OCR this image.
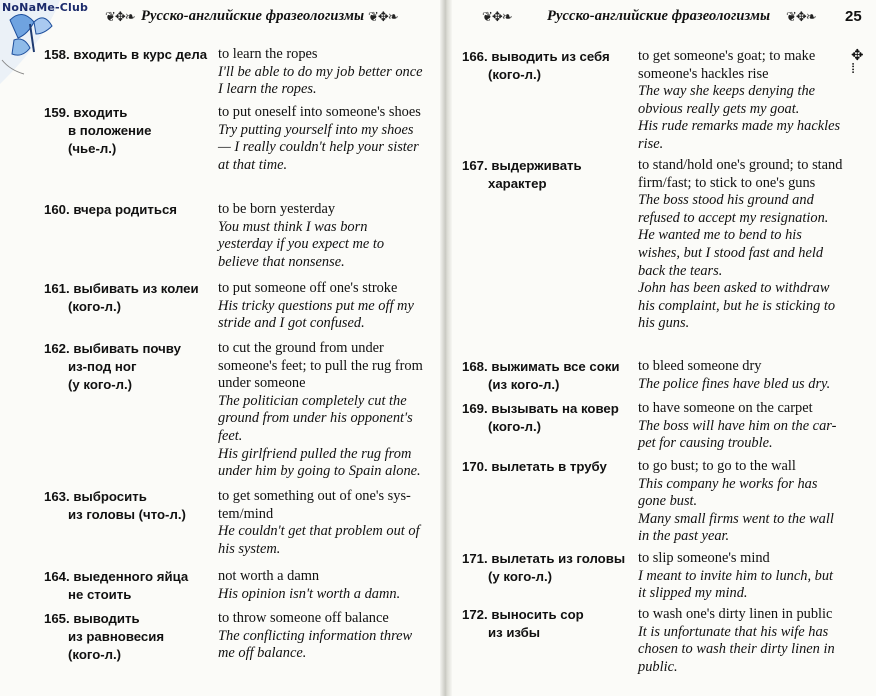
❦✥❧ Русско-английские фразеологизмы ❦✥❧
158. входить в курс дела to learn the ropes
I'll be able to do my job better once I learn the ropes.
159. входить
в положение
(чье-л.)
to put oneself into someone's shoes
Try putting yourself into my shoes — I really couldn't help your sister at that time.
160. вчера родиться	to be born yesterday
You must think I was born yesterday if you expect me to believe that nonsense.
161. выбивать из колеи
(кого-л.)
to put someone off one's stroke
His tricky questions put me off my stride and I got confused.
162. выбивать почву
из-под ног
(у кого-л.)
to cut the ground from under someone's feet; to pull the rug from under someone
The politician completely cut the ground from under his opponent's feet.
His girlfriend pulled the rug from under him by going to Spain alone.
163. выбросить
из головы (что-л.)
to get something out of one's sys-tem/mind
He couldn't get that problem out of his system.
164. выеденного яйца
не стоить
not worth a damn
His opinion isn't worth a damn.
165. выводить
из равновесия
(кого-л.)
to throw someone off balance
The conflicting information threw me off balance.
❦✥❧ Русско-английские фразеологизмы ❦✥❧ 25
166. выводить из себя
(кого-л.)
to get someone's goat; to make someone's hackles rise
The way she keeps denying the obvious really gets my goat.
His rude remarks made my hackles rise.
167. выдерживать
характер
to stand/hold one's ground; to stand firm/fast; to stick to one's guns
The boss stood his ground and refused to accept my resignation.
He wanted me to bend to his wishes, but I stood fast and held back the tears.
John has been asked to withdraw his complaint, but he is sticking to his guns.
168. выжимать все соки
(из кого-л.)
to bleed someone dry
The police fines have bled us dry.
169. вызывать на ковер
(кого-л.)
to have someone on the carpet
The boss will have him on the car-pet for causing trouble.
170. вылетать в трубу to go bust; to go to the wall
This company he works for has gone bust.
Many small firms went to the wall in the past year.
171. вылетать из головы
(у кого-л.)
to slip someone's mind
I meant to invite him to lunch, but it slipped my mind.
172. выносить сор
из избы
to wash one's dirty linen in public
It is unfortunate that his wife has chosen to wash their dirty linen in public.
✥
⁞
NoNaMe-Club
